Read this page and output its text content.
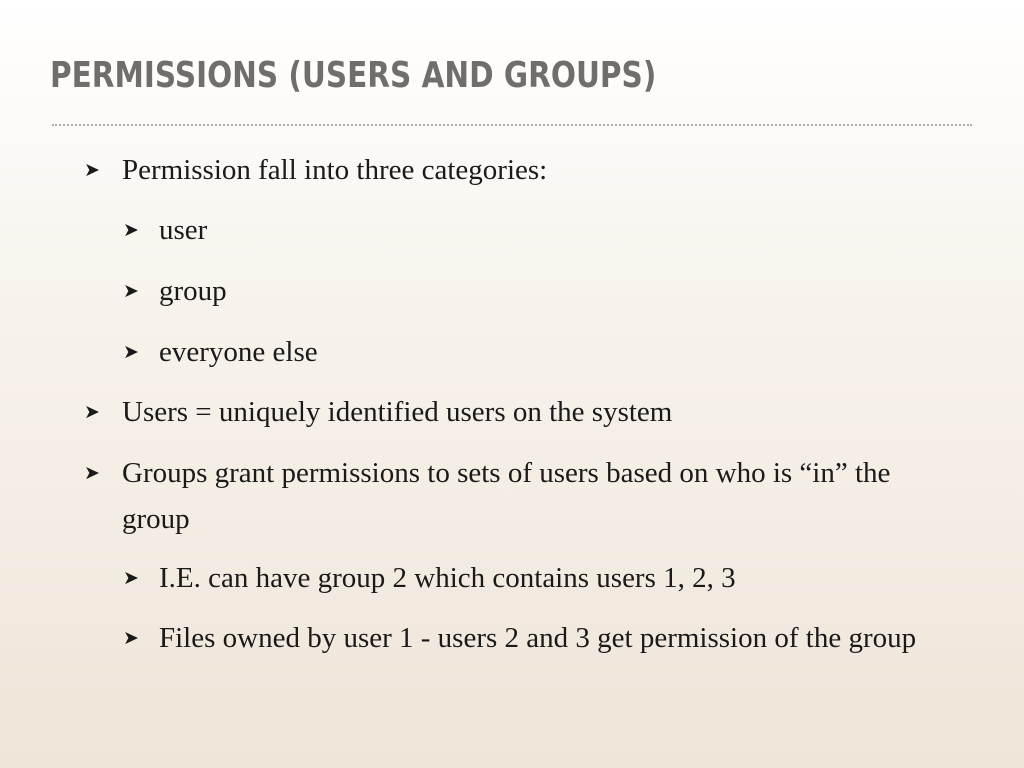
PERMISSIONS (USERS AND GROUPS)
➤ Permission fall into three categories:
➤ user
➤ group
➤ everyone else
➤ Users = uniquely identified users on the system
➤ Groups grant permissions to sets of users based on who is “in” the group
➤ I.E. can have group 2 which contains users 1, 2, 3
➤ Files owned by user 1 - users 2 and 3 get permission of the group
